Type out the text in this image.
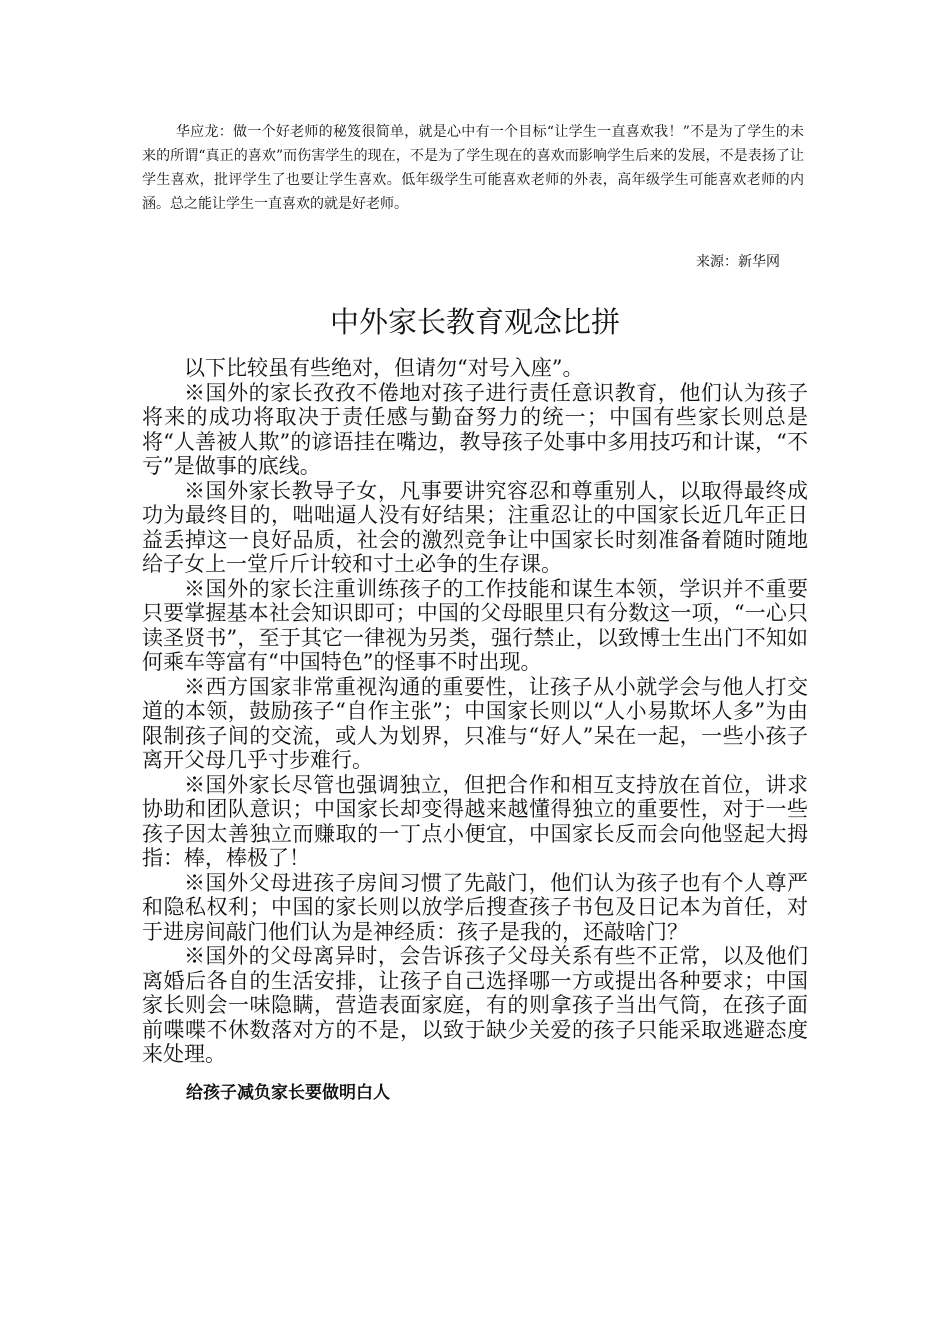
华应龙：做一个好老师的秘笈很简单，就是心中有一个目标“让学生一直喜欢我！”不是为了学生的未来的所谓“真正的喜欢”而伤害学生的现在，不是为了学生现在的喜欢而影响学生后来的发展，不是表扬了让学生喜欢，批评学生了也要让学生喜欢。低年级学生可能喜欢老师的外表，高年级学生可能喜欢老师的内涵。总之能让学生一直喜欢的就是好老师。

来源：新华网

中外家长教育观念比拼
以下比较虽有些绝对，但请勿“对号入座”。
※国外的家长孜孜不倦地对孩子进行责任意识教育，他们认为孩子将来的成功将取决于责任感与勤奋努力的统一；中国有些家长则总是将“人善被人欺”的谚语挂在嘴边，教导孩子处事中多用技巧和计谋，“不亏”是做事的底线。
※国外家长教导子女，凡事要讲究容忍和尊重别人，以取得最终成功为最终目的，咄咄逼人没有好结果；注重忍让的中国家长近几年正日益丢掉这一良好品质，社会的激烈竞争让中国家长时刻准备着随时随地给子女上一堂斤斤计较和寸土必争的生存课。
※国外的家长注重训练孩子的工作技能和谋生本领，学识并不重要只要掌握基本社会知识即可；中国的父母眼里只有分数这一项，“一心只读圣贤书”，至于其它一律视为另类，强行禁止，以致博士生出门不知如何乘车等富有“中国特色”的怪事不时出现。
※西方国家非常重视沟通的重要性，让孩子从小就学会与他人打交道的本领，鼓励孩子“自作主张”；中国家长则以“人小易欺坏人多”为由限制孩子间的交流，或人为划界，只准与“好人”呆在一起，一些小孩子离开父母几乎寸步难行。
※国外家长尽管也强调独立，但把合作和相互支持放在首位，讲求协助和团队意识；中国家长却变得越来越懂得独立的重要性，对于一些孩子因太善独立而赚取的一丁点小便宜，中国家长反而会向他竖起大拇指：棒，棒极了！
※国外父母进孩子房间习惯了先敲门，他们认为孩子也有个人尊严和隐私权利；中国的家长则以放学后搜查孩子书包及日记本为首任，对于进房间敲门他们认为是神经质：孩子是我的，还敲啥门？
※国外的父母离异时，会告诉孩子父母关系有些不正常，以及他们离婚后各自的生活安排，让孩子自己选择哪一方或提出各种要求；中国家长则会一味隐瞒，营造表面家庭，有的则拿孩子当出气筒，在孩子面前喋喋不休数落对方的不是，以致于缺少关爱的孩子只能采取逃避态度来处理。
给孩子减负家长要做明白人
